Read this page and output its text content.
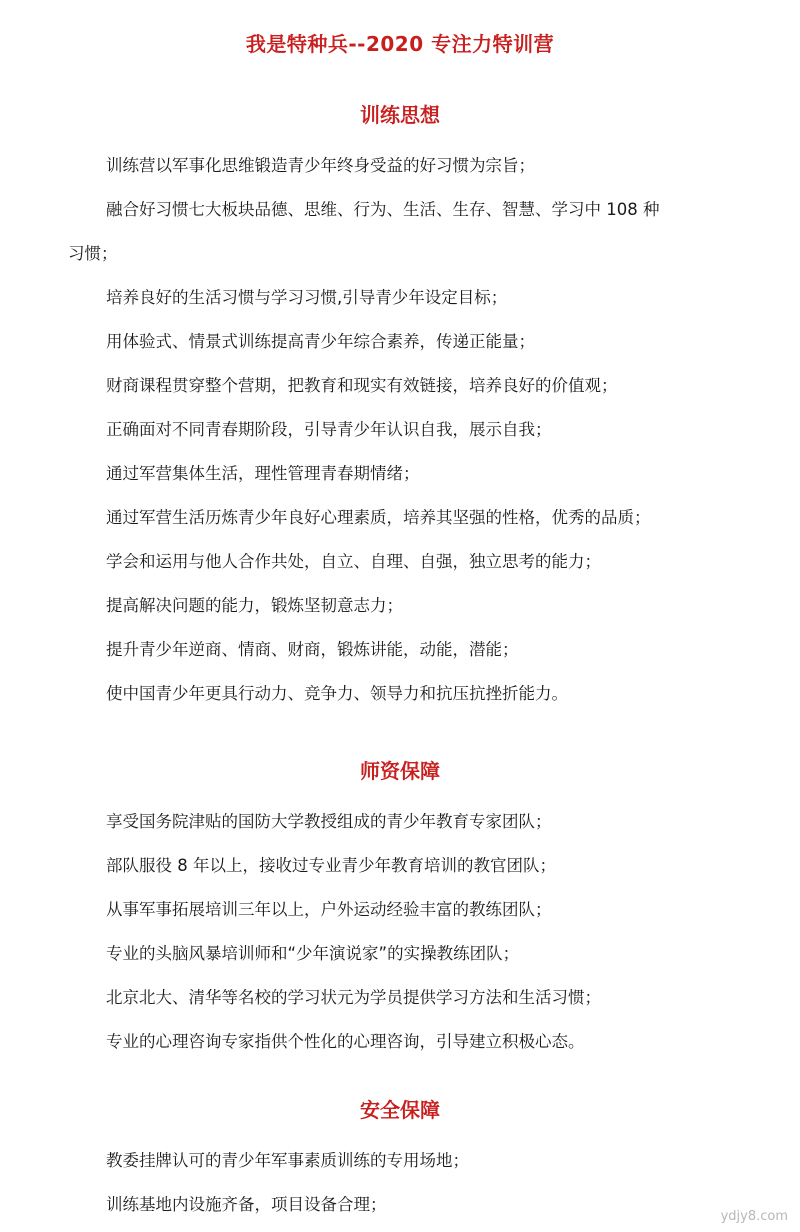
我是特种兵--2020 专注力特训营
训练思想
训练营以军事化思维锻造青少年终身受益的好习惯为宗旨；
融合好习惯七大板块品德、思维、行为、生活、生存、智慧、学习中 108 种
习惯；
培养良好的生活习惯与学习习惯,引导青少年设定目标；
用体验式、情景式训练提高青少年综合素养，传递正能量；
财商课程贯穿整个营期，把教育和现实有效链接，培养良好的价值观；
正确面对不同青春期阶段，引导青少年认识自我，展示自我；
通过军营集体生活，理性管理青春期情绪；
通过军营生活历炼青少年良好心理素质，培养其坚强的性格，优秀的品质；
学会和运用与他人合作共处，自立、自理、自强，独立思考的能力；
提高解决问题的能力，锻炼坚韧意志力；
提升青少年逆商、情商、财商，锻炼讲能，动能，潜能；
使中国青少年更具行动力、竞争力、领导力和抗压抗挫折能力。
师资保障
享受国务院津贴的国防大学教授组成的青少年教育专家团队；
部队服役 8 年以上，接收过专业青少年教育培训的教官团队；
从事军事拓展培训三年以上，户外运动经验丰富的教练团队；
专业的头脑风暴培训师和“少年演说家”的实操教练团队；
北京北大、清华等名校的学习状元为学员提供学习方法和生活习惯；
专业的心理咨询专家指供个性化的心理咨询，引导建立积极心态。
安全保障
教委挂牌认可的青少年军事素质训练的专用场地；
训练基地内设施齐备，项目设备合理；
ydjy8.com
